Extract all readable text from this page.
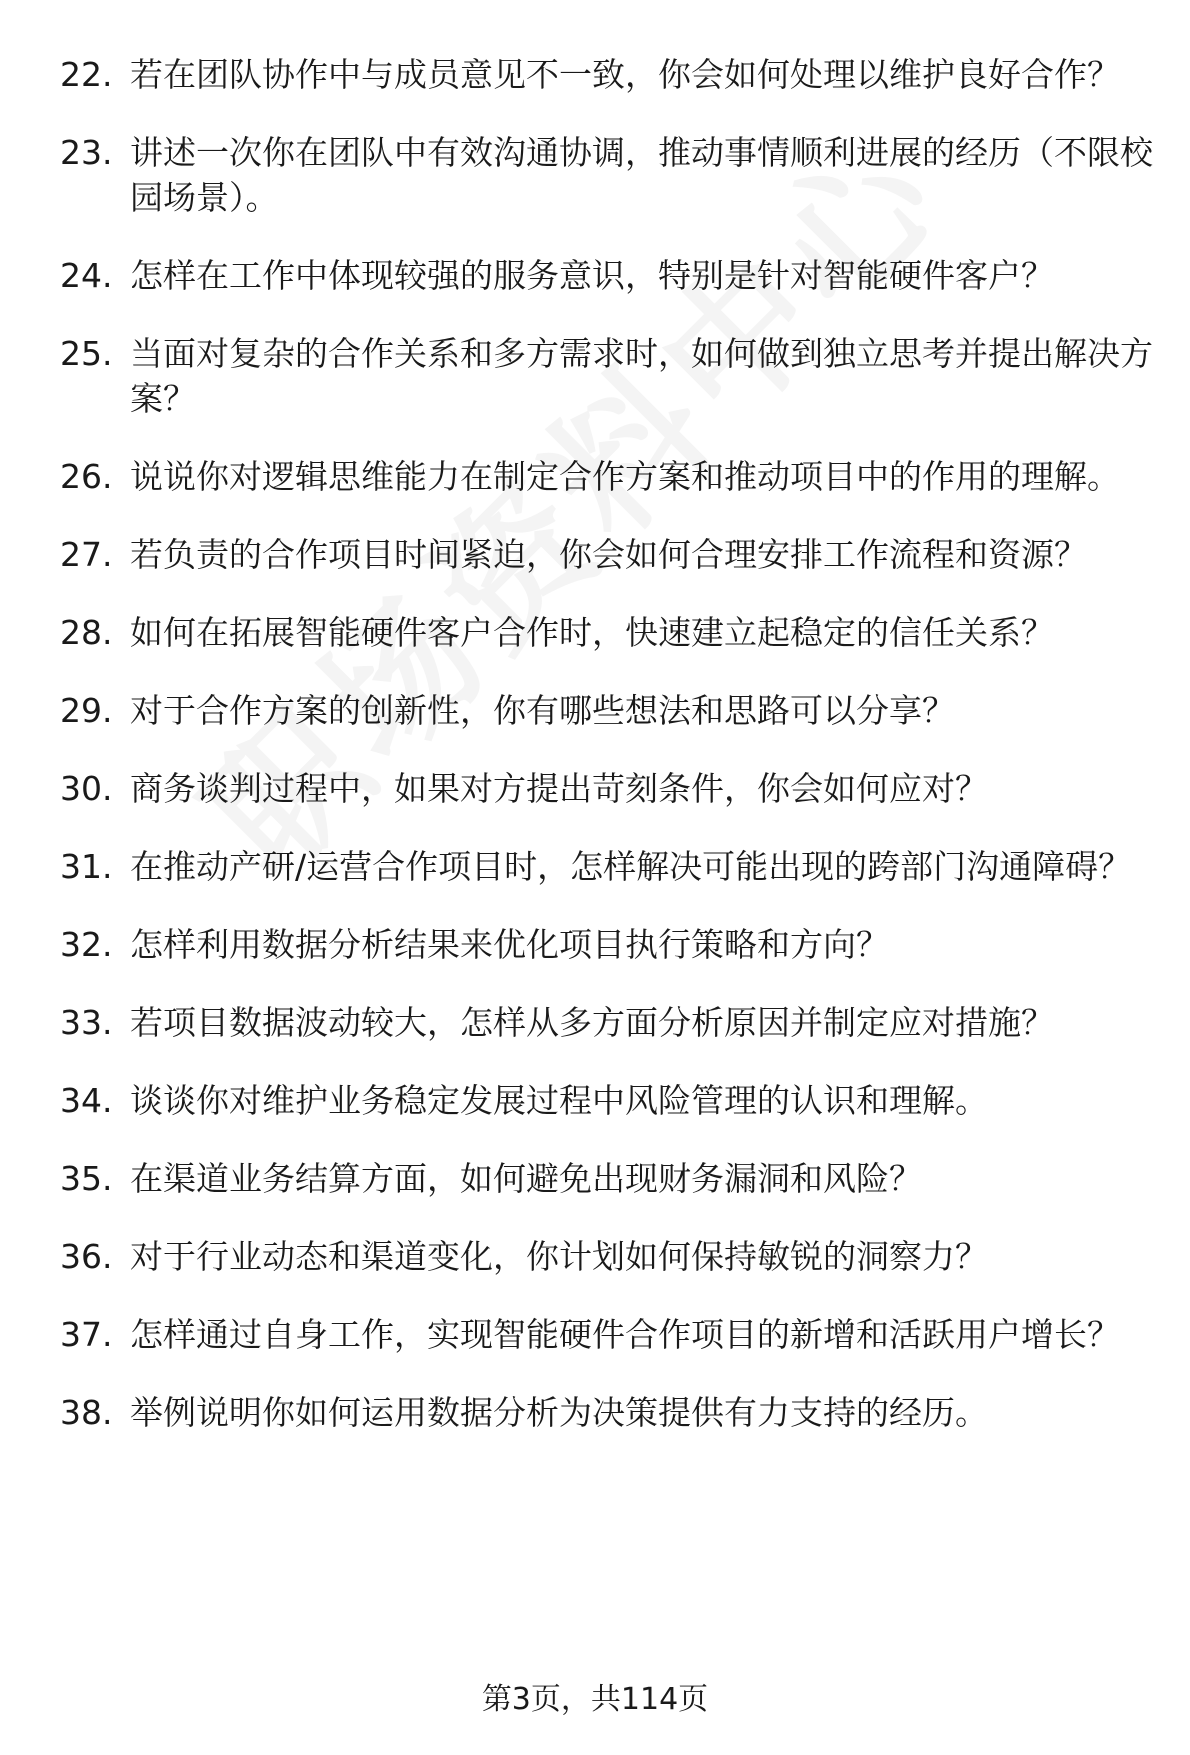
22. 若在团队协作中与成员意见不一致，你会如何处理以维护良好合作？
23. 讲述一次你在团队中有效沟通协调，推动事情顺利进展的经历（不限校园场景）。
24. 怎样在工作中体现较强的服务意识，特别是针对智能硬件客户？
25. 当面对复杂的合作关系和多方需求时，如何做到独立思考并提出解决方案？
26. 说说你对逻辑思维能力在制定合作方案和推动项目中的作用的理解。
27. 若负责的合作项目时间紧迫，你会如何合理安排工作流程和资源？
28. 如何在拓展智能硬件客户合作时，快速建立起稳定的信任关系？
29. 对于合作方案的创新性，你有哪些想法和思路可以分享？
30. 商务谈判过程中，如果对方提出苛刻条件，你会如何应对？
31. 在推动产研/运营合作项目时，怎样解决可能出现的跨部门沟通障碍？
32. 怎样利用数据分析结果来优化项目执行策略和方向？
33. 若项目数据波动较大，怎样从多方面分析原因并制定应对措施？
34. 谈谈你对维护业务稳定发展过程中风险管理的认识和理解。
35. 在渠道业务结算方面，如何避免出现财务漏洞和风险？
36. 对于行业动态和渠道变化，你计划如何保持敏锐的洞察力？
37. 怎样通过自身工作，实现智能硬件合作项目的新增和活跃用户增长？
38. 举例说明你如何运用数据分析为决策提供有力支持的经历。
第3页，共114页
